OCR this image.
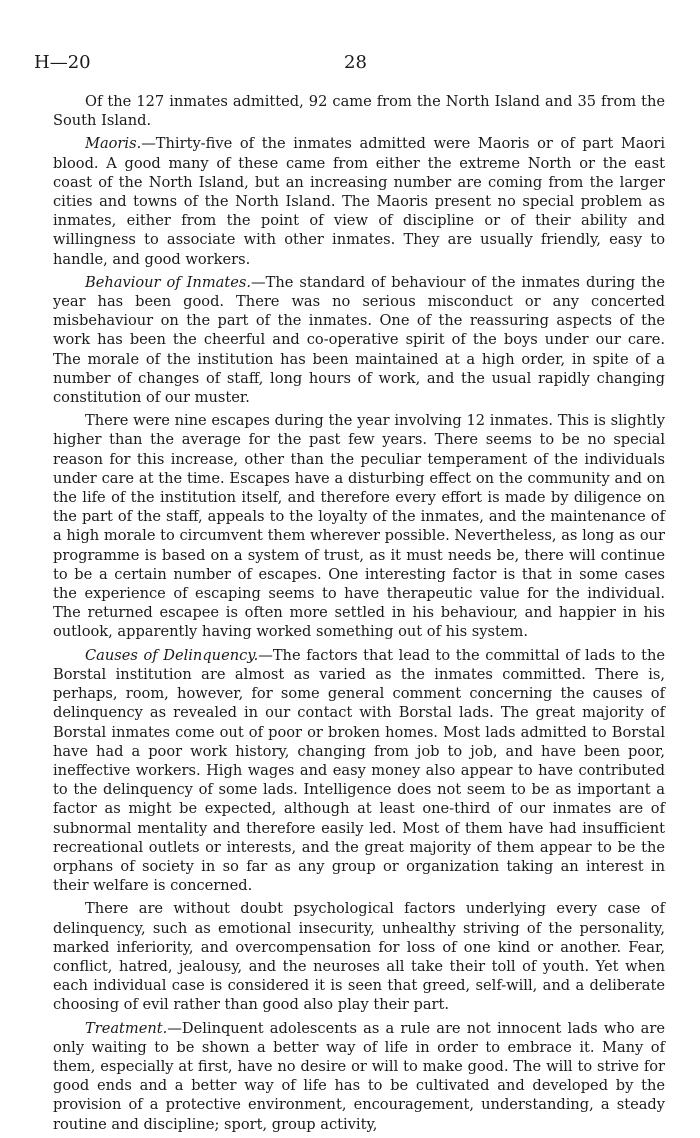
H—20	28

Of the 127 inmates admitted, 92 came from the North Island and 35 from the South Island.

Maoris.—Thirty-five of the inmates admitted were Maoris or of part Maori blood. A good many of these came from either the extreme North or the east coast of the North Island, but an increasing number are coming from the larger cities and towns of the North Island. The Maoris present no special problem as inmates, either from the point of view of discipline or of their ability and willingness to associate with other inmates. They are usually friendly, easy to handle, and good workers.

Behaviour of Inmates.—The standard of behaviour of the inmates during the year has been good. There was no serious misconduct or any concerted misbehaviour on the part of the inmates. One of the reassuring aspects of the work has been the cheerful and co-operative spirit of the boys under our care. The morale of the institution has been maintained at a high order, in spite of a number of changes of staff, long hours of work, and the usual rapidly changing constitution of our muster.

There were nine escapes during the year involving 12 inmates. This is slightly higher than the average for the past few years. There seems to be no special reason for this increase, other than the peculiar temperament of the individuals under care at the time. Escapes have a disturbing effect on the community and on the life of the institution itself, and therefore every effort is made by diligence on the part of the staff, appeals to the loyalty of the inmates, and the maintenance of a high morale to circumvent them wherever possible. Nevertheless, as long as our programme is based on a system of trust, as it must needs be, there will continue to be a certain number of escapes. One interesting factor is that in some cases the experience of escaping seems to have therapeutic value for the individual. The returned escapee is often more settled in his behaviour, and happier in his outlook, apparently having worked something out of his system.

Causes of Delinquency.—The factors that lead to the committal of lads to the Borstal institution are almost as varied as the inmates committed. There is, perhaps, room, however, for some general comment concerning the causes of delinquency as revealed in our contact with Borstal lads. The great majority of Borstal inmates come out of poor or broken homes. Most lads admitted to Borstal have had a poor work history, changing from job to job, and have been poor, ineffective workers. High wages and easy money also appear to have contributed to the delinquency of some lads. Intelligence does not seem to be as important a factor as might be expected, although at least one-third of our inmates are of subnormal mentality and therefore easily led. Most of them have had insufficient recreational outlets or interests, and the great majority of them appear to be the orphans of society in so far as any group or organization taking an interest in their welfare is concerned.

There are without doubt psychological factors underlying every case of delinquency, such as emotional insecurity, unhealthy striving of the personality, marked inferiority, and overcompensation for loss of one kind or another. Fear, conflict, hatred, jealousy, and the neuroses all take their toll of youth. Yet when each individual case is considered it is seen that greed, self-will, and a deliberate choosing of evil rather than good also play their part.

Treatment.—Delinquent adolescents as a rule are not innocent lads who are only waiting to be shown a better way of life in order to embrace it. Many of them, especially at first, have no desire or will to make good. The will to strive for good ends and a better way of life has to be cultivated and developed by the provision of a protective environment, encouragement, understanding, a steady routine and discipline; sport, group activity,
